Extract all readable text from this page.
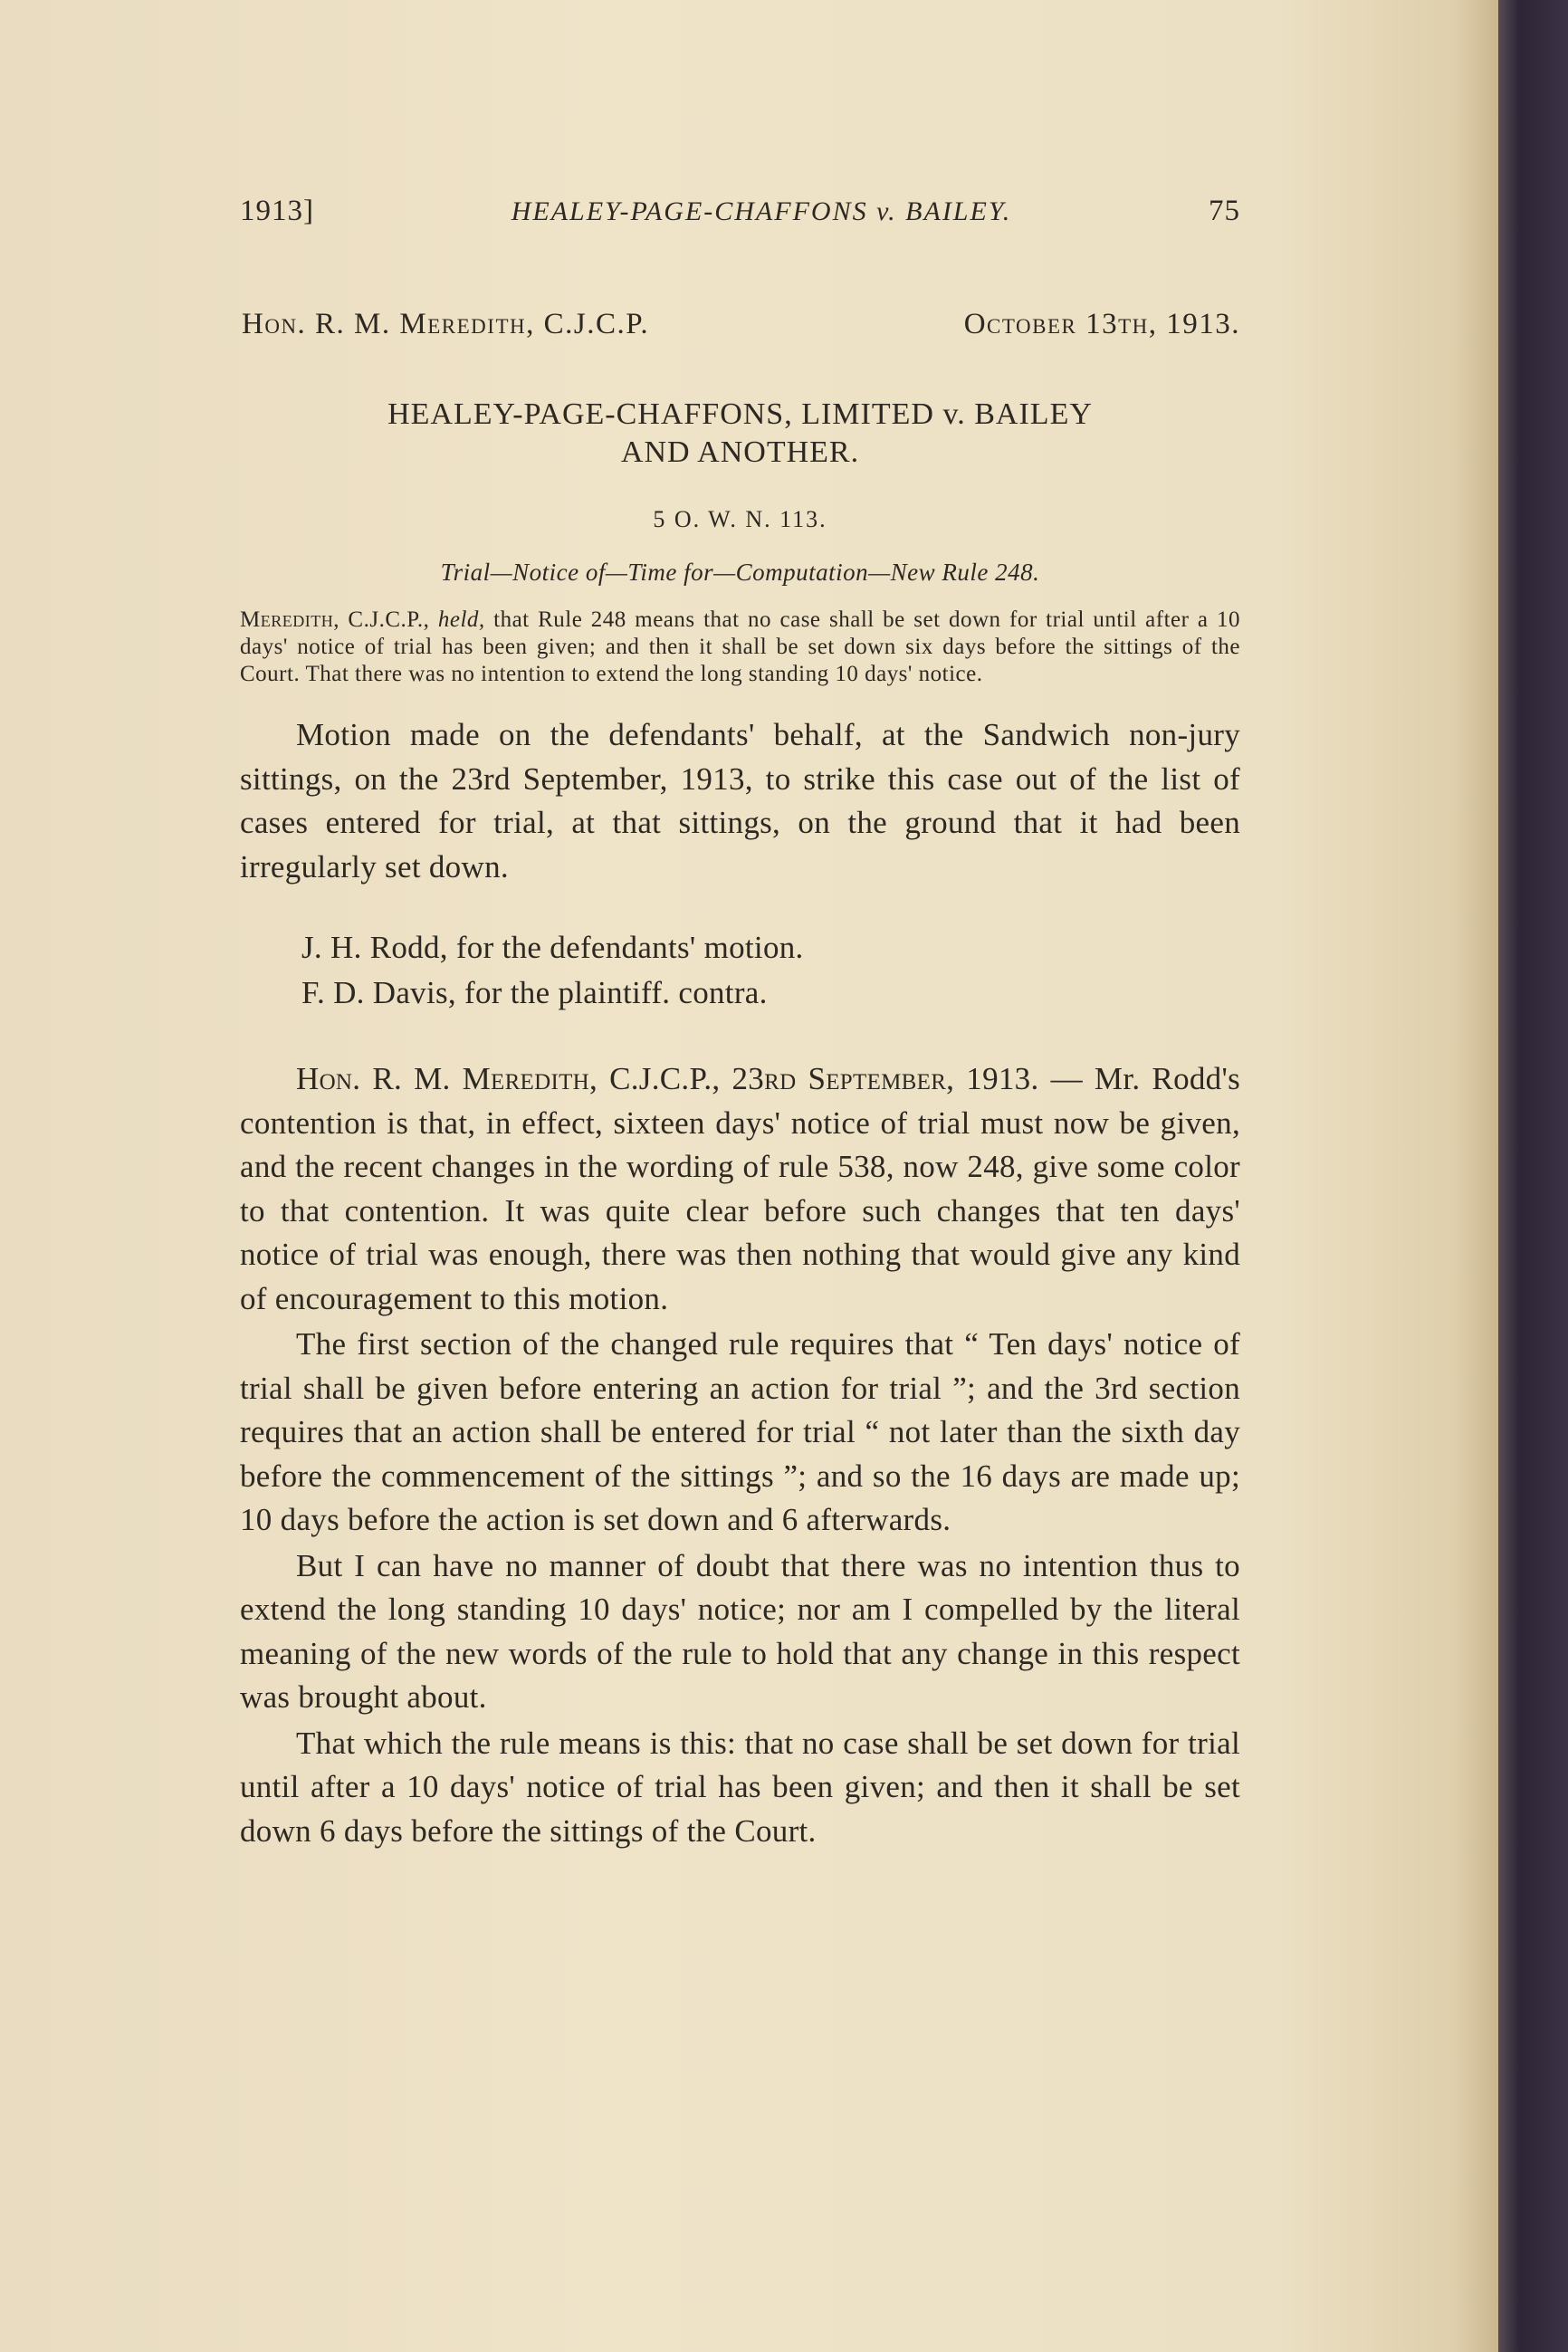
1913]	HEALEY-PAGE-CHAFFONS v. BAILEY.	75
Hon. R. M. Meredith, C.J.C.P.	October 13th, 1913.
HEALEY-PAGE-CHAFFONS, LIMITED v. BAILEY
AND ANOTHER.
5 O. W. N. 113.
Trial—Notice of—Time for—Computation—New Rule 248.
Meredith, C.J.C.P., held, that Rule 248 means that no case shall be set down for trial until after a 10 days' notice of trial has been given; and then it shall be set down six days before the sittings of the Court. That there was no intention to extend the long standing 10 days' notice.

Motion made on the defendants' behalf, at the Sandwich non-jury sittings, on the 23rd September, 1913, to strike this case out of the list of cases entered for trial, at that sittings, on the ground that it had been irregularly set down.

J. H. Rodd, for the defendants' motion.

F. D. Davis, for the plaintiff. contra.

Hon. R. M. Meredith, C.J.C.P., 23rd September, 1913. — Mr. Rodd's contention is that, in effect, sixteen days' notice of trial must now be given, and the recent changes in the wording of rule 538, now 248, give some color to that contention. It was quite clear before such changes that ten days' notice of trial was enough, there was then nothing that would give any kind of encouragement to this motion.

The first section of the changed rule requires that “ Ten days' notice of trial shall be given before entering an action for trial ”; and the 3rd section requires that an action shall be entered for trial “ not later than the sixth day before the commencement of the sittings ”; and so the 16 days are made up; 10 days before the action is set down and 6 afterwards.

But I can have no manner of doubt that there was no intention thus to extend the long standing 10 days' notice; nor am I compelled by the literal meaning of the new words of the rule to hold that any change in this respect was brought about.

That which the rule means is this: that no case shall be set down for trial until after a 10 days' notice of trial has been given; and then it shall be set down 6 days before the sittings of the Court.
